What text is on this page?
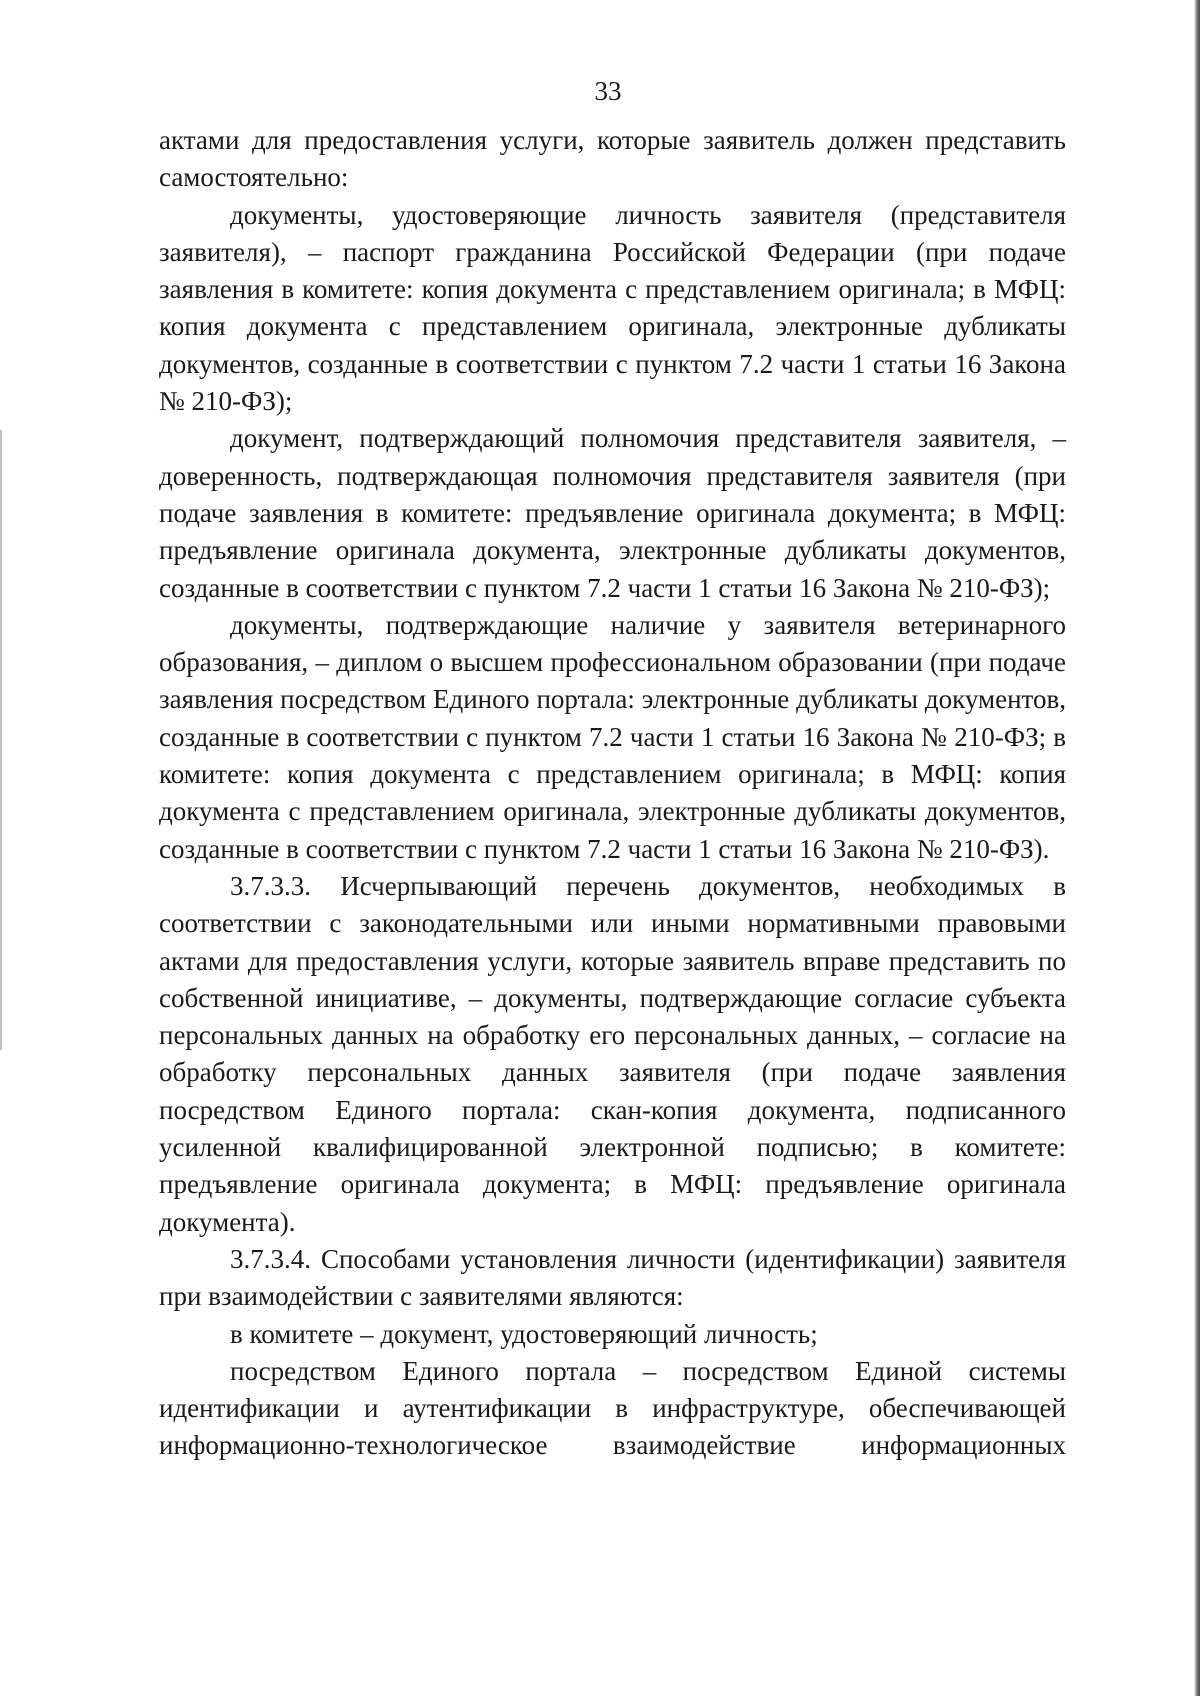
33

актами для предоставления услуги, которые заявитель должен представить самостоятельно:

документы, удостоверяющие личность заявителя (представителя заявителя), – паспорт гражданина Российской Федерации (при подаче заявления в комитете: копия документа с представлением оригинала; в МФЦ: копия документа с представлением оригинала, электронные дубликаты документов, созданные в соответствии с пунктом 7.2 части 1 статьи 16 Закона № 210-ФЗ);

документ, подтверждающий полномочия представителя заявителя, – доверенность, подтверждающая полномочия представителя заявителя (при подаче заявления в комитете: предъявление оригинала документа; в МФЦ: предъявление оригинала документа, электронные дубликаты документов, созданные в соответствии с пунктом 7.2 части 1 статьи 16 Закона № 210-ФЗ);

документы, подтверждающие наличие у заявителя ветеринарного образования, – диплом о высшем профессиональном образовании (при подаче заявления посредством Единого портала: электронные дубликаты документов, созданные в соответствии с пунктом 7.2 части 1 статьи 16 Закона № 210-ФЗ; в комитете: копия документа с представлением оригинала; в МФЦ: копия документа с представлением оригинала, электронные дубликаты документов, созданные в соответствии с пунктом 7.2 части 1 статьи 16 Закона № 210-ФЗ).

3.7.3.3. Исчерпывающий перечень документов, необходимых в соответствии с законодательными или иными нормативными правовыми актами для предоставления услуги, которые заявитель вправе представить по собственной инициативе, – документы, подтверждающие согласие субъекта персональных данных на обработку его персональных данных, – согласие на обработку персональных данных заявителя (при подаче заявления посредством Единого портала: скан-копия документа, подписанного усиленной квалифицированной электронной подписью; в комитете: предъявление оригинала документа; в МФЦ: предъявление оригинала документа).

3.7.3.4. Способами установления личности (идентификации) заявителя при взаимодействии с заявителями являются:

в комитете – документ, удостоверяющий личность;

посредством Единого портала – посредством Единой системы идентификации и аутентификации в инфраструктуре, обеспечивающей информационно-технологическое взаимодействие информационных
